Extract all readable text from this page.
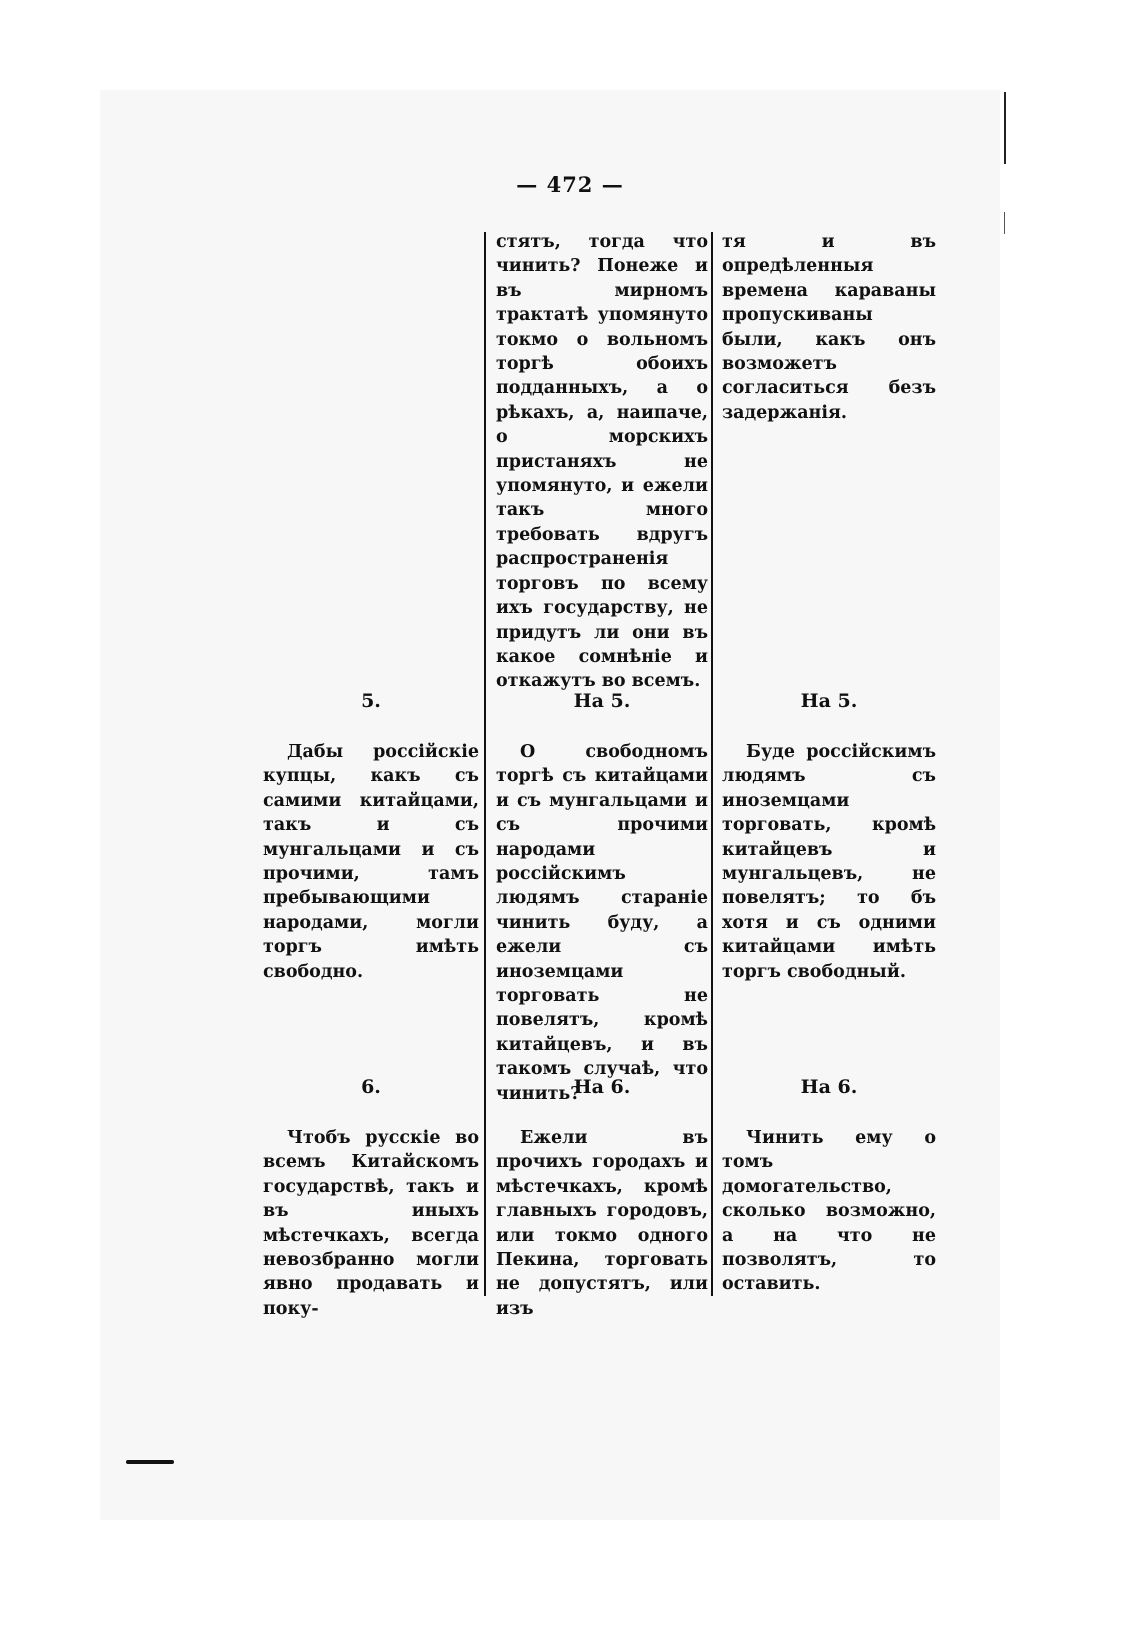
— 472 —
стятъ, тогда что чинить? Понеже и въ мирномъ трактатѣ упомянуто токмо о вольномъ торгѣ обоихъ подданныхъ, а о рѣкахъ, а, наипаче, о морскихъ пристаняхъ не упомянуто, и ежели такъ много требовать вдругъ распространенія торговъ по всему ихъ государству, не придутъ ли они въ какое сомнѣніе и откажутъ во всемъ.
тя и въ опредѣленныя времена караваны пропускиваны были, какъ онъ возможетъ согласиться безъ задержанія.
5.	На 5.	На 5.
Дабы россійскіе купцы, какъ съ самими китайцами, такъ и съ мунгальцами и съ прочими, тамъ пребывающими народами, могли торгъ имѣть свободно.
О свободномъ торгѣ съ китайцами и съ мунгальцами и съ прочими народами россійскимъ людямъ стараніе чинить буду, а ежели съ иноземцами торговать не повелятъ, кромѣ китайцевъ, и въ такомъ случаѣ, что чинить?
Буде россійскимъ людямъ съ иноземцами торговать, кромѣ китайцевъ и мунгальцевъ, не повелятъ; то бъ хотя и съ одними китайцами имѣть торгъ свободный.
6.	На 6.	На 6.
Чтобъ русскіе во всемъ Китайскомъ государствѣ, такъ и въ иныхъ мѣстечкахъ, всегда невозбранно могли явно продавать и поку-
Ежели въ прочихъ городахъ и мѣстечкахъ, кромѣ главныхъ городовъ, или токмо одного Пекина, торговать не допустятъ, или изъ
Чинить ему о томъ домогательство, сколько возможно, а на что не позволятъ, то оставить.
